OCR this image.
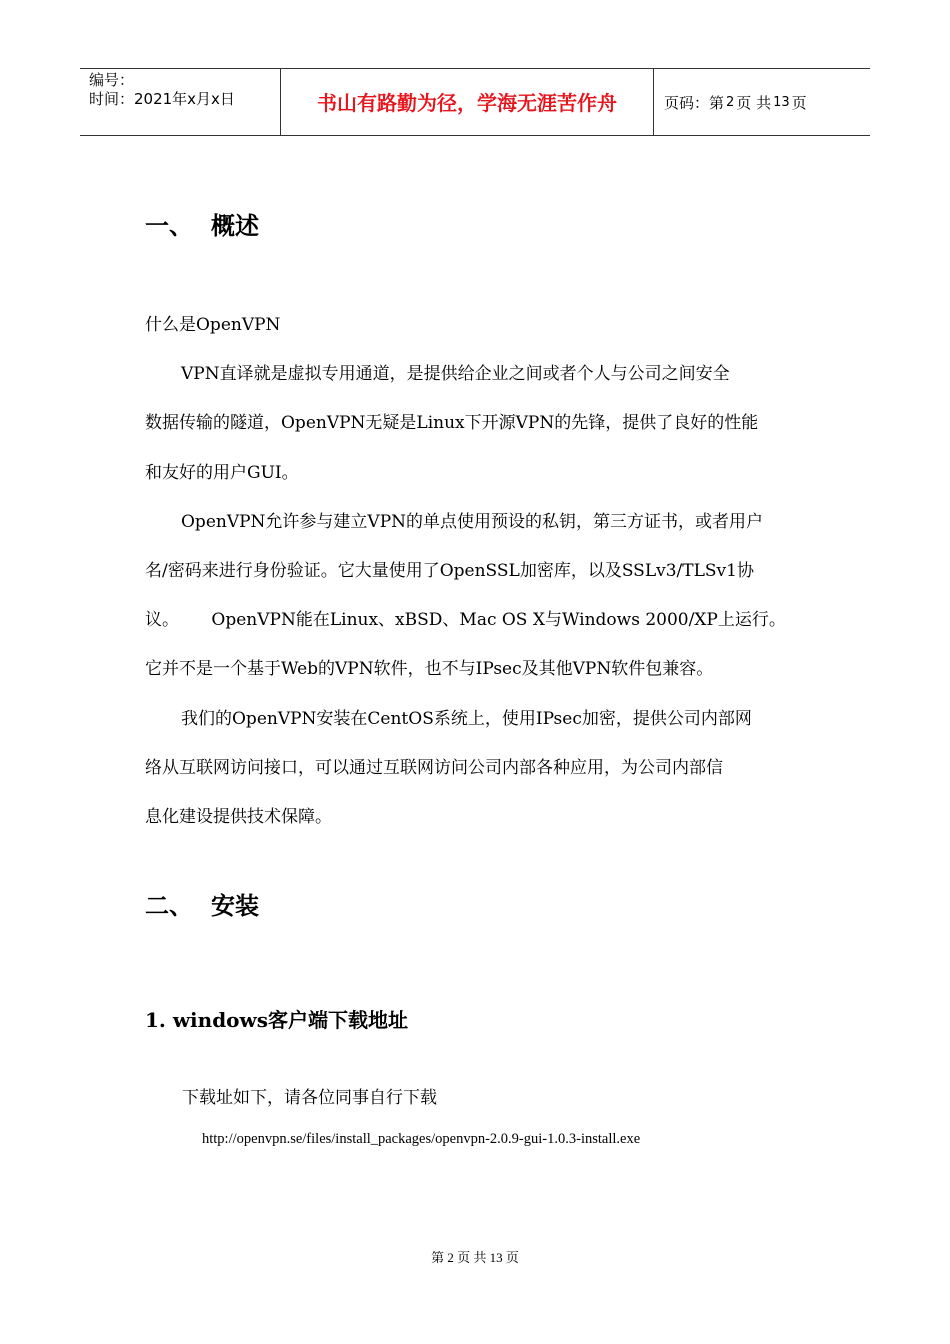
编号：
时间：2021年x月x日	书山有路勤为径，学海无涯苦作舟	页码：第 2 页 共 13 页
一、 概述

什么是OpenVPN

VPN直译就是虚拟专用通道，是提供给企业之间或者个人与公司之间安全

数据传输的隧道，OpenVPN无疑是Linux下开源VPN的先锋，提供了良好的性能

和友好的用户GUI。

OpenVPN允许参与建立VPN的单点使用预设的私钥，第三方证书，或者用户

名/密码来进行身份验证。它大量使用了OpenSSL加密库，以及SSLv3/TLSv1协

议。      OpenVPN能在Linux、xBSD、Mac OS X与Windows 2000/XP上运行。

它并不是一个基于Web的VPN软件，也不与IPsec及其他VPN软件包兼容。

我们的OpenVPN安装在CentOS系统上，使用IPsec加密，提供公司内部网

络从互联网访问接口，可以通过互联网访问公司内部各种应用，为公司内部信

息化建设提供技术保障。

二、 安装
1. windows客户端下载地址
下载址如下，请各位同事自行下载
http://openvpn.se/files/install_packages/openvpn-2.0.9-gui-1.0.3-install.exe
第 2 页 共 13 页
